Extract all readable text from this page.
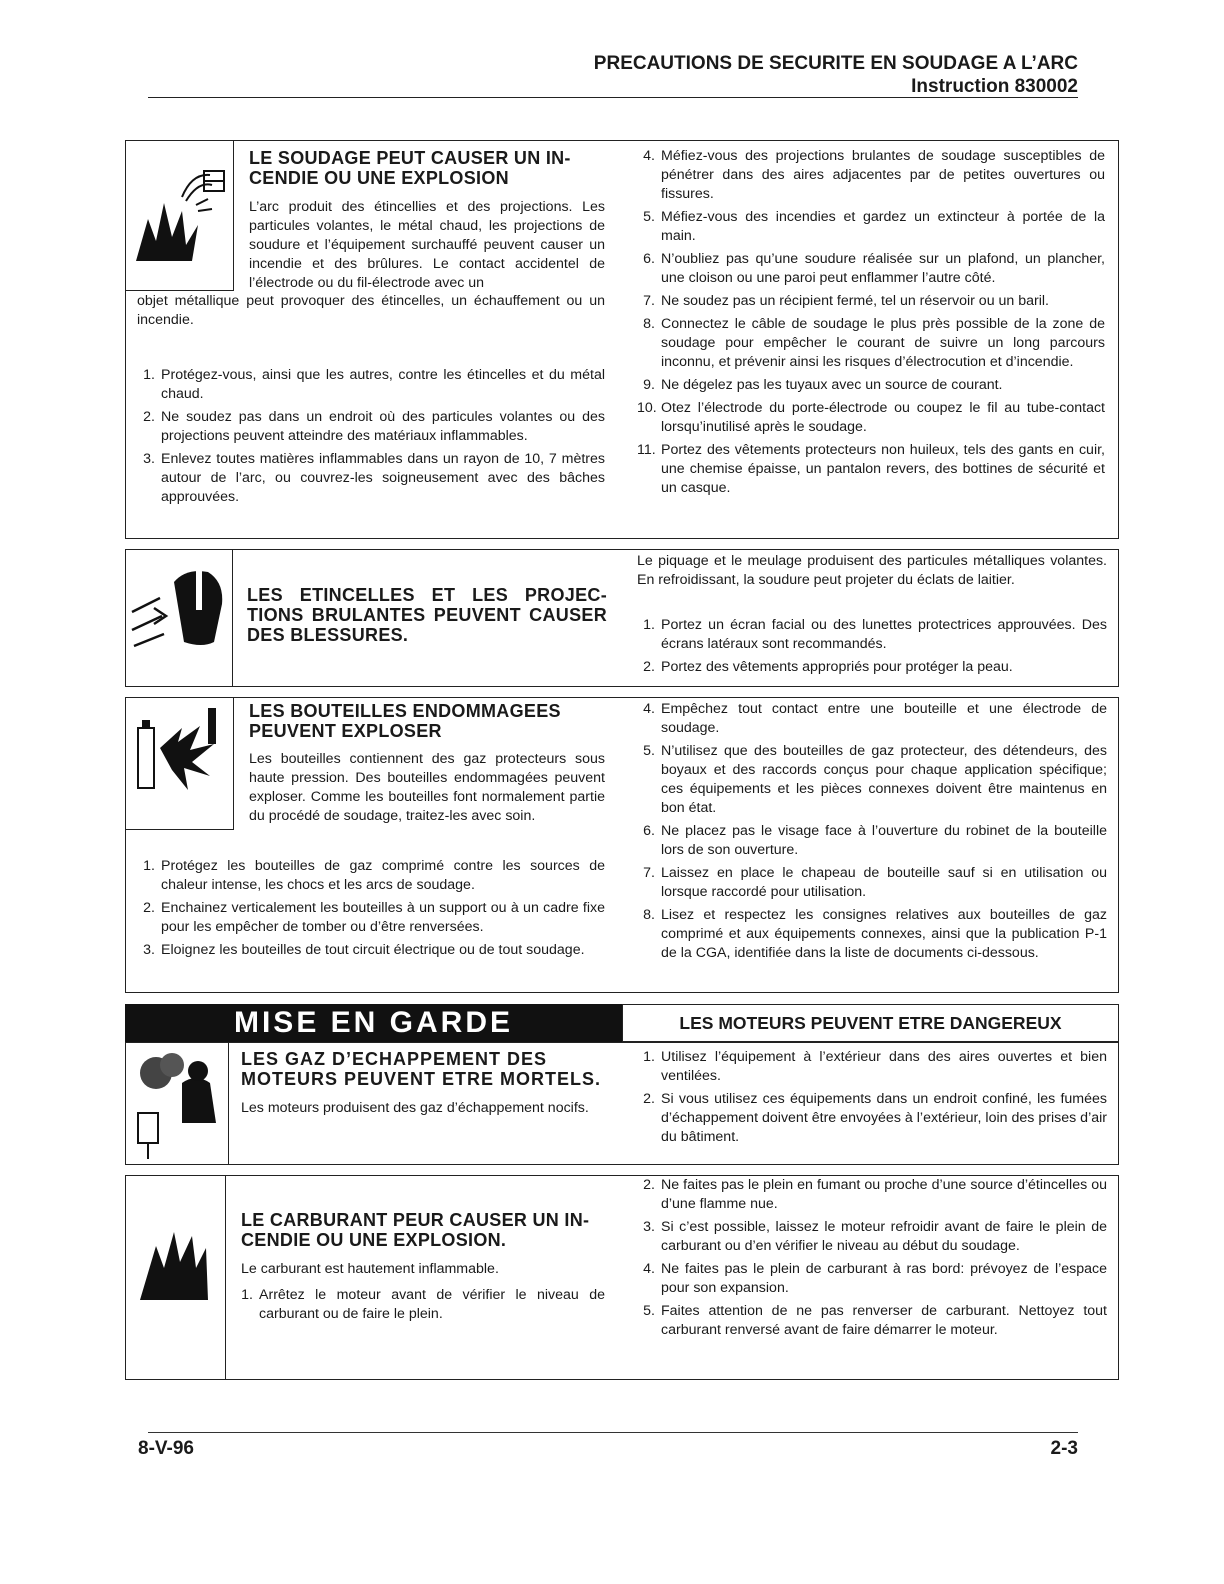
PRECAUTIONS DE SECURITE EN SOUDAGE A L’ARC
Instruction 830002
LE SOUDAGE PEUT CAUSER UN IN-CENDIE OU UNE EXPLOSION
L’arc produit des étincellies et des projections. Les particules volantes, le métal chaud, les projections de soudure et l’équipement surchauffé peuvent causer un incendie et des brûlures. Le contact accidentel de l’électrode ou du fil-électrode avec un
objet métallique peut provoquer des étincelles, un échauffement ou un incendie.
1. Protégez-vous, ainsi que les autres, contre les étincelles et du métal chaud.
2. Ne soudez pas dans un endroit où des particules volantes ou des projections peuvent atteindre des matériaux inflammables.
3. Enlevez toutes matières inflammables dans un rayon de 10, 7 mètres autour de l’arc, ou couvrez-les soigneusement avec des bâches approuvées.
4. Méfiez-vous des projections brulantes de soudage susceptibles de pénétrer dans des aires adjacentes par de petites ouvertures ou fissures.
5. Méfiez-vous des incendies et gardez un extincteur à portée de la main.
6. N’oubliez pas qu’une soudure réalisée sur un plafond, un plancher, une cloison ou une paroi peut enflammer l’autre côté.
7. Ne soudez pas un récipient fermé, tel un réservoir ou un baril.
8. Connectez le câble de soudage le plus près possible de la zone de soudage pour empêcher le courant de suivre un long parcours inconnu, et prévenir ainsi les risques d’électrocution et d’incendie.
9. Ne dégelez pas les tuyaux avec un source de courant.
10. Otez l’électrode du porte-électrode ou coupez le fil au tube-contact lorsqu’inutilisé après le soudage.
11. Portez des vêtements protecteurs non huileux, tels des gants en cuir, une chemise épaisse, un pantalon revers, des bottines de sécurité et un casque.
LES ETINCELLES ET LES PROJEC-TIONS BRULANTES PEUVENT CAUSER DES BLESSURES.
Le piquage et le meulage produisent des particules métalliques volantes. En refroidissant, la soudure peut projeter du éclats de laitier.
1. Portez un écran facial ou des lunettes protectrices approuvées. Des écrans latéraux sont recommandés.
2. Portez des vêtements appropriés pour protéger la peau.
LES BOUTEILLES ENDOMMAGEES PEUVENT EXPLOSER
Les bouteilles contiennent des gaz protecteurs sous haute pression. Des bouteilles endommagées peuvent exploser. Comme les bouteilles font normalement partie du procédé de soudage, traitez-les avec soin.
1. Protégez les bouteilles de gaz comprimé contre les sources de chaleur intense, les chocs et les arcs de soudage.
2. Enchainez verticalement les bouteilles à un support ou à un cadre fixe pour les empêcher de tomber ou d’être renversées.
3. Eloignez les bouteilles de tout circuit électrique ou de tout soudage.
4. Empêchez tout contact entre une bouteille et une électrode de soudage.
5. N’utilisez que des bouteilles de gaz protecteur, des détendeurs, des boyaux et des raccords conçus pour chaque application spécifique; ces équipements et les pièces connexes doivent être maintenus en bon état.
6. Ne placez pas le visage face à l’ouverture du robinet de la bouteille lors de son ouverture.
7. Laissez en place le chapeau de bouteille sauf si en utilisation ou lorsque raccordé pour utilisation.
8. Lisez et respectez les consignes relatives aux bouteilles de gaz comprimé et aux équipements connexes, ainsi que la publication P-1 de la CGA, identifiée dans la liste de documents ci-dessous.
MISE EN GARDE	LES MOTEURS PEUVENT ETRE DANGEREUX
LES GAZ D’ECHAPPEMENT DES MOTEURS PEUVENT ETRE MORTELS.
Les moteurs produisent des gaz d’échappement nocifs.
1. Utilisez l’équipement à l’extérieur dans des aires ouvertes et bien ventilées.
2. Si vous utilisez ces équipements dans un endroit confiné, les fumées d’échappement doivent être envoyées à l’extérieur, loin des prises d’air du bâtiment.
LE CARBURANT PEUR CAUSER UN IN-CENDIE OU UNE EXPLOSION.
Le carburant est hautement inflammable.
1. Arrêtez le moteur avant de vérifier le niveau de carburant ou de faire le plein.
2. Ne faites pas le plein en fumant ou proche d’une source d’étincelles ou d’une flamme nue.
3. Si c’est possible, laissez le moteur refroidir avant de faire le plein de carburant ou d’en vérifier le niveau au début du soudage.
4. Ne faites pas le plein de carburant à ras bord: prévoyez de l’espace pour son expansion.
5. Faites attention de ne pas renverser de carburant. Nettoyez tout carburant renversé avant de faire démarrer le moteur.
8-V-96	2-3
